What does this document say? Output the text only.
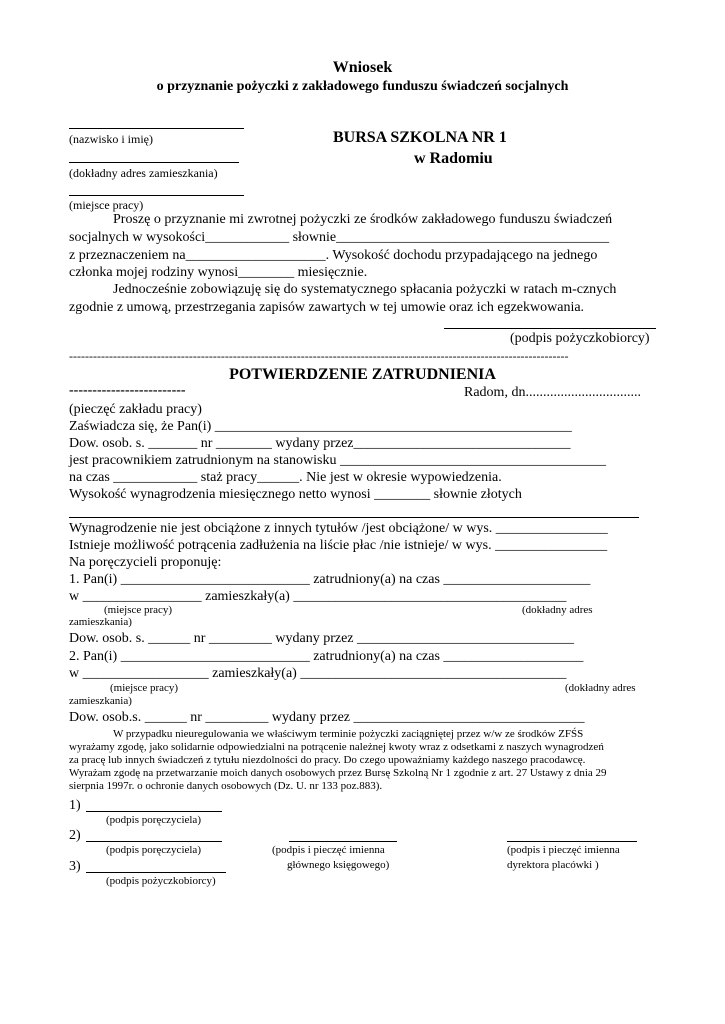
Wniosek
o przyznanie pożyczki z zakładowego funduszu świadczeń socjalnych
(nazwisko i imię)
(dokładny adres zamieszkania)
(miejsce pracy)
BURSA SZKOLNA NR 1
w Radomiu
Proszę o przyznanie mi zwrotnej pożyczki ze środków zakładowego funduszu świadczeń
socjalnych w wysokości____________ słownie_______________________________________
z przeznaczeniem na____________________. Wysokość dochodu przypadającego na jednego
członka mojej rodziny wynosi________ miesięcznie.
Jednocześnie zobowiązuję się do systematycznego spłacania pożyczki w ratach m-cznych
zgodnie z umową, przestrzegania zapisów zawartych w tej umowie oraz ich egzekwowania.
(podpis pożyczkobiorcy)
-----------------------------------------------------------------------------------------------------------------------------
POTWIERDZENIE ZATRUDNIENIA
-------------------------	Radom, dn.................................
(pieczęć zakładu pracy)
Zaświadcza się, że Pan(i) ___________________________________________________
Dow. osob. s. _______ nr ________ wydany przez_______________________________
jest pracownikiem zatrudnionym na stanowisku ______________________________________
na czas ____________ staż pracy______. Nie jest w okresie wypowiedzenia.
Wysokość wynagrodzenia miesięcznego netto wynosi ________ słownie złotych
Wynagrodzenie nie jest obciążone z innych tytułów /jest obciążone/ w wys. ________________
Istnieje możliwość potrącenia zadłużenia na liście płac /nie istnieje/ w wys. ________________
Na poręczycieli proponuję:
1. Pan(i) ___________________________ zatrudniony(a) na czas _____________________
w _________________ zamieszkały(a) _______________________________________
(miejsce pracy)	(dokładny adres
zamieszkania)
Dow. osob. s. ______ nr _________ wydany przez _______________________________
2. Pan(i) ___________________________ zatrudniony(a) na czas ____________________
w __________________ zamieszkały(a) ______________________________________
(miejsce pracy)	(dokładny adres
zamieszkania)
Dow. osob.s. ______ nr _________ wydany przez _________________________________
W przypadku nieuregulowania we właściwym terminie pożyczki zaciągniętej przez w/w ze środków ZFŚS
wyrażamy zgodę, jako solidarnie odpowiedzialni na potrącenie należnej kwoty wraz z odsetkami z naszych wynagrodzeń
za pracę lub innych świadczeń z tytułu niezdolności do pracy. Do czego upoważniamy każdego naszego pracodawcę.
Wyrażam zgodę na przetwarzanie moich danych osobowych przez Bursę Szkolną Nr 1 zgodnie z art. 27 Ustawy z dnia 29
sierpnia 1997r. o ochronie danych osobowych (Dz. U. nr 133 poz.883).
1)
(podpis poręczyciela)
2)
(podpis poręczyciela)	(podpis i pieczęć imienna
głównego księgowego)
(podpis i pieczęć imienna
dyrektora placówki )
3)
(podpis pożyczkobiorcy)
